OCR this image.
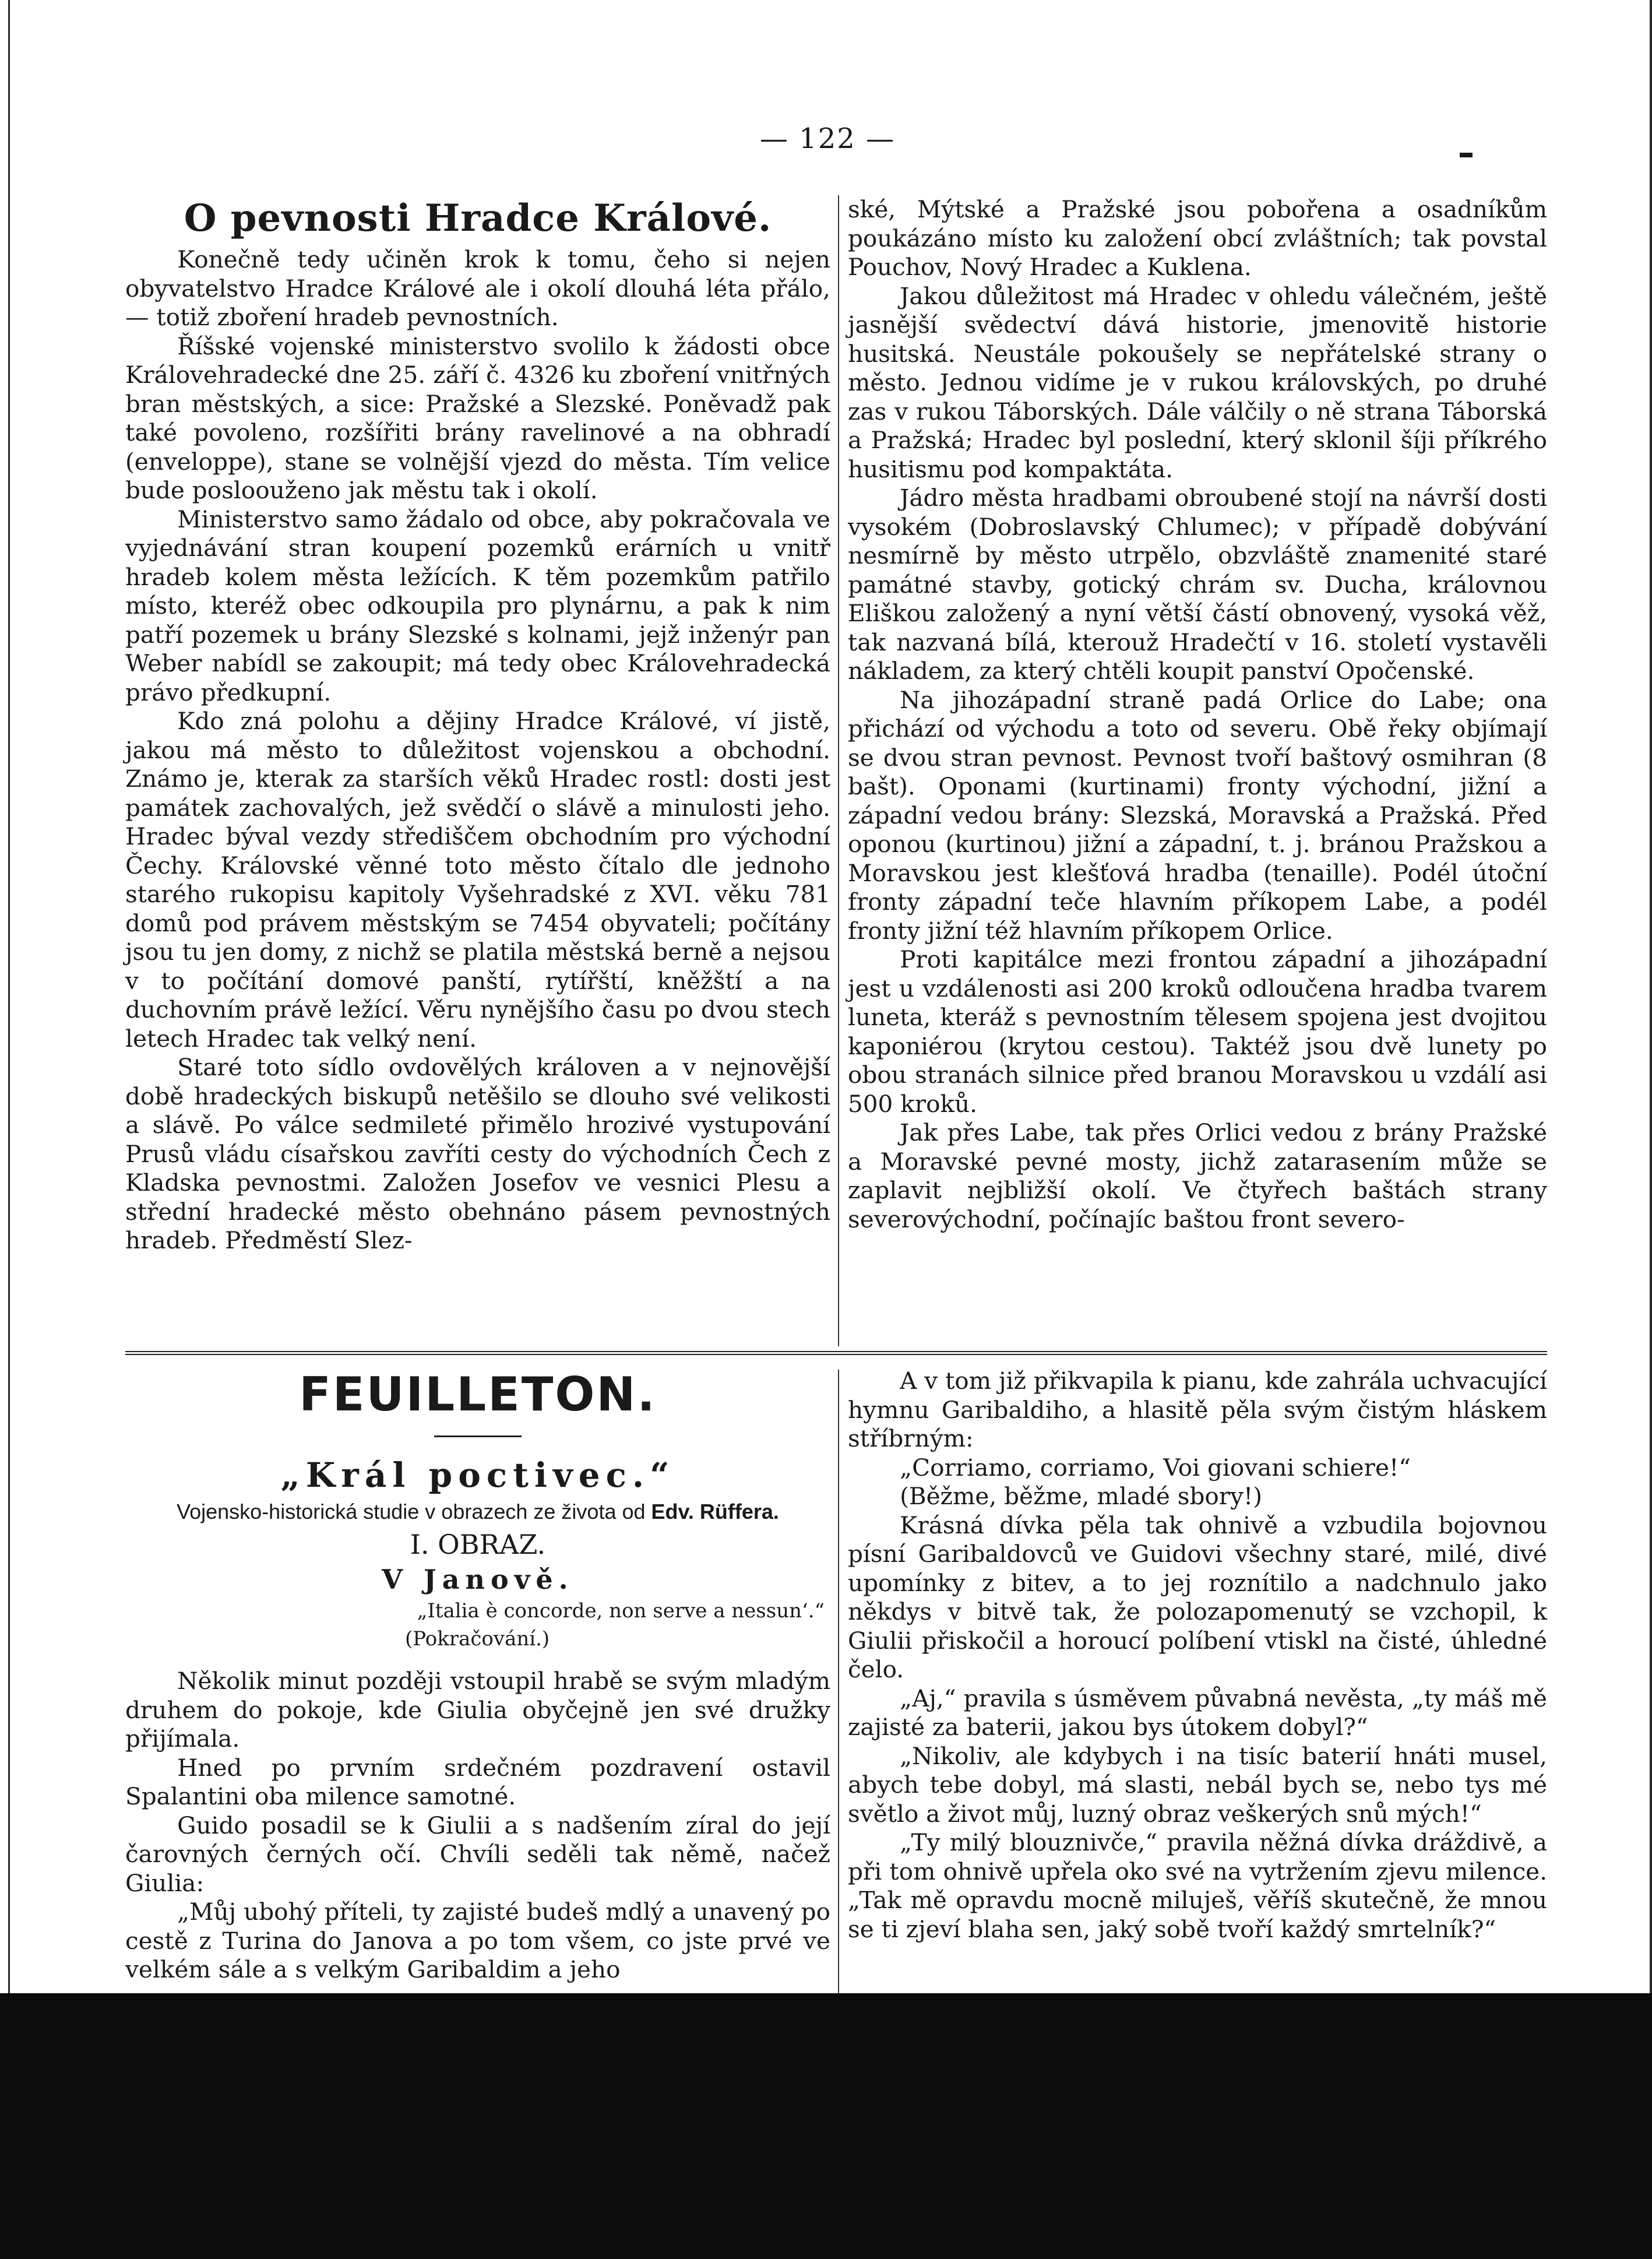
— 122 —
O pevnosti Hradce Králové.

Konečně tedy učiněn krok k tomu, čeho si nejen obyvatelstvo Hradce Králové ale i okolí dlouhá léta přálo, — totiž zboření hradeb pevnostních.

Říšské vojenské ministerstvo svolilo k žádosti obce Královehradecké dne 25. září č. 4326 ku zboření vnitřných bran městských, a sice: Pražské a Slezské. Poněvadž pak také povoleno, rozšířiti brány ravelinové a na obhradí (enveloppe), stane se volnější vjezd do města. Tím velice bude posloouženo jak městu tak i okolí.

Ministerstvo samo žádalo od obce, aby pokračovala ve vyjednávání stran koupení pozemků erárních u vnitř hradeb kolem města ležících. K těm pozemkům patřilo místo, kteréž obec odkoupila pro plynárnu, a pak k nim patří pozemek u brány Slezské s kolnami, jejž inženýr pan Weber nabídl se zakoupit; má tedy obec Královehradecká právo předkupní.

Kdo zná polohu a dějiny Hradce Králové, ví jistě, jakou má město to důležitost vojenskou a obchodní. Známo je, kterak za starších věků Hradec rostl: dosti jest památek zachovalých, jež svědčí o slávě a minulosti jeho. Hradec býval vezdy střediščem obchodním pro východní Čechy. Královské věnné toto město čítalo dle jednoho starého rukopisu kapitoly Vyšehradské z XVI. věku 781 domů pod právem městským se 7454 obyvateli; počítány jsou tu jen domy, z nichž se platila městská berně a nejsou v to počítání domové panští, rytířští, kněžští a na duchovním právě ležící. Věru nynějšího času po dvou stech letech Hradec tak velký není.

Staré toto sídlo ovdovělých královen a v nejnovější době hradeckých biskupů netěšilo se dlouho své velikosti a slávě. Po válce sedmileté přimělo hrozivé vystupování Prusů vládu císařskou zavříti cesty do východních Čech z Kladska pevnostmi. Založen Josefov ve vesnici Plesu a střední hradecké město obehnáno pásem pevnostných hradeb. Předměstí Slez-

ské, Mýtské a Pražské jsou pobořena a osadníkům poukázáno místo ku založení obcí zvláštních; tak povstal Pouchov, Nový Hradec a Kuklena.

Jakou důležitost má Hradec v ohledu válečném, ještě jasnější svědectví dává historie, jmenovitě historie husitská. Neustále pokoušely se nepřátelské strany o město. Jednou vidíme je v rukou královských, po druhé zas v rukou Táborských. Dále válčily o ně strana Táborská a Pražská; Hradec byl poslední, který sklonil šíji příkrého husitismu pod kompaktáta.

Jádro města hradbami obroubené stojí na návrší dosti vysokém (Dobroslavský Chlumec); v případě dobývání nesmírně by město utrpělo, obzvláště znamenité staré památné stavby, gotický chrám sv. Ducha, královnou Eliškou založený a nyní větší částí obnovený, vysoká věž, tak nazvaná bílá, kterouž Hradečtí v 16. století vystavěli nákladem, za který chtěli koupit panství Opočenské.

Na jihozápadní straně padá Orlice do Labe; ona přichází od východu a toto od severu. Obě řeky objímají se dvou stran pevnost. Pevnost tvoří baštový osmihran (8 bašt). Oponami (kurtinami) fronty východní, jižní a západní vedou brány: Slezská, Moravská a Pražská. Před oponou (kurtinou) jižní a západní, t. j. bránou Pražskou a Moravskou jest klešťová hradba (tenaille). Podél útoční fronty západní teče hlavním příkopem Labe, a podél fronty jižní též hlavním příkopem Orlice.

Proti kapitálce mezi frontou západní a jihozápadní jest u vzdálenosti asi 200 kroků odloučena hradba tvarem luneta, kteráž s pevnostním tělesem spojena jest dvojitou kaponiérou (krytou cestou). Taktéž jsou dvě lunety po obou stranách silnice před branou Moravskou u vzdálí asi 500 kroků.

Jak přes Labe, tak přes Orlici vedou z brány Pražské a Moravské pevné mosty, jichž zatarasením může se zaplavit nejbližší okolí. Ve čtyřech baštách strany severovýchodní, počínajíc baštou front severo-

FEUILLETON.
„Král poctivec.“
Vojensko-historická studie v obrazech ze života od Edv. Rüffera.
I. OBRAZ.
V Janově.
„Italia è concorde, non serve a nessun‘.“
(Pokračování.)

Několik minut později vstoupil hrabě se svým mladým druhem do pokoje, kde Giulia obyčejně jen své družky přijímala.

Hned po prvním srdečném pozdravení ostavil Spalantini oba milence samotné.

Guido posadil se k Giulii a s nadšením zíral do její čarovných černých očí. Chvíli seděli tak němě, načež Giulia:

„Můj ubohý příteli, ty zajisté budeš mdlý a unavený po cestě z Turina do Janova a po tom všem, co jste prvé ve velkém sále a s velkým Garibaldim a jeho

A v tom již přikvapila k pianu, kde zahrála uchvacující hymnu Garibaldiho, a hlasitě pěla svým čistým hláskem stříbrným:

„Corriamo, corriamo, Voi giovani schiere!“

(Běžme, běžme, mladé sbory!)

Krásná dívka pěla tak ohnivě a vzbudila bojovnou písní Garibaldovců ve Guidovi všechny staré, milé, divé upomínky z bitev, a to jej roznítilo a nadchnulo jako někdys v bitvě tak, že polozapomenutý se vzchopil, k Giulii přiskočil a horoucí políbení vtiskl na čisté, úhledné čelo.

„Aj,“ pravila s úsměvem půvabná nevěsta, „ty máš mě zajisté za baterii, jakou bys útokem dobyl?“

„Nikoliv, ale kdybych i na tisíc baterií hnáti musel, abych tebe dobyl, má slasti, nebál bych se, nebo tys mé světlo a život můj, luzný obraz veškerých snů mých!“

„Ty milý blouznivče,“ pravila něžná dívka dráždivě, a při tom ohnivě upřela oko své na vytržením zjevu milence. „Tak mě opravdu mocně miluješ, věříš skutečně, že mnou se ti zjeví blaha sen, jaký sobě tvoří každý smrtelník?“
